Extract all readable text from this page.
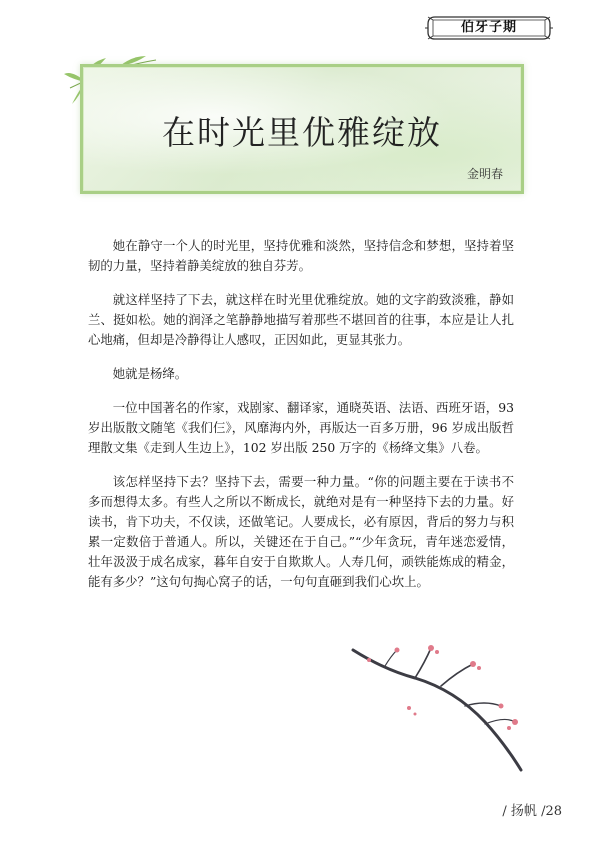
伯牙子期
在时光里优雅绽放
金明春

她在静守一个人的时光里，坚持优雅和淡然，坚持信念和梦想，坚持着坚韧的力量，坚持着静美绽放的独自芬芳。

就这样坚持了下去，就这样在时光里优雅绽放。她的文字韵致淡雅，静如兰、挺如松。她的润泽之笔静静地描写着那些不堪回首的往事，本应是让人扎心地痛，但却是冷静得让人感叹，正因如此，更显其张力。

她就是杨绛。

一位中国著名的作家，戏剧家、翻译家，通晓英语、法语、西班牙语，93 岁出版散文随笔《我们仨》，风靡海内外，再版达一百多万册，96 岁成出版哲理散文集《走到人生边上》，102 岁出版 250 万字的《杨绛文集》八卷。

该怎样坚持下去？坚持下去，需要一种力量。“你的问题主要在于读书不多而想得太多。有些人之所以不断成长，就绝对是有一种坚持下去的力量。好读书，肯下功夫，不仅读，还做笔记。人要成长，必有原因，背后的努力与积累一定数倍于普通人。所以，关键还在于自己。”“少年贪玩，青年迷恋爱情，壮年汲汲于成名成家，暮年自安于自欺欺人。人寿几何，顽铁能炼成的精金，能有多少？”这句句掏心窝子的话，一句句直砸到我们心坎上。

/ 扬帆 /28
